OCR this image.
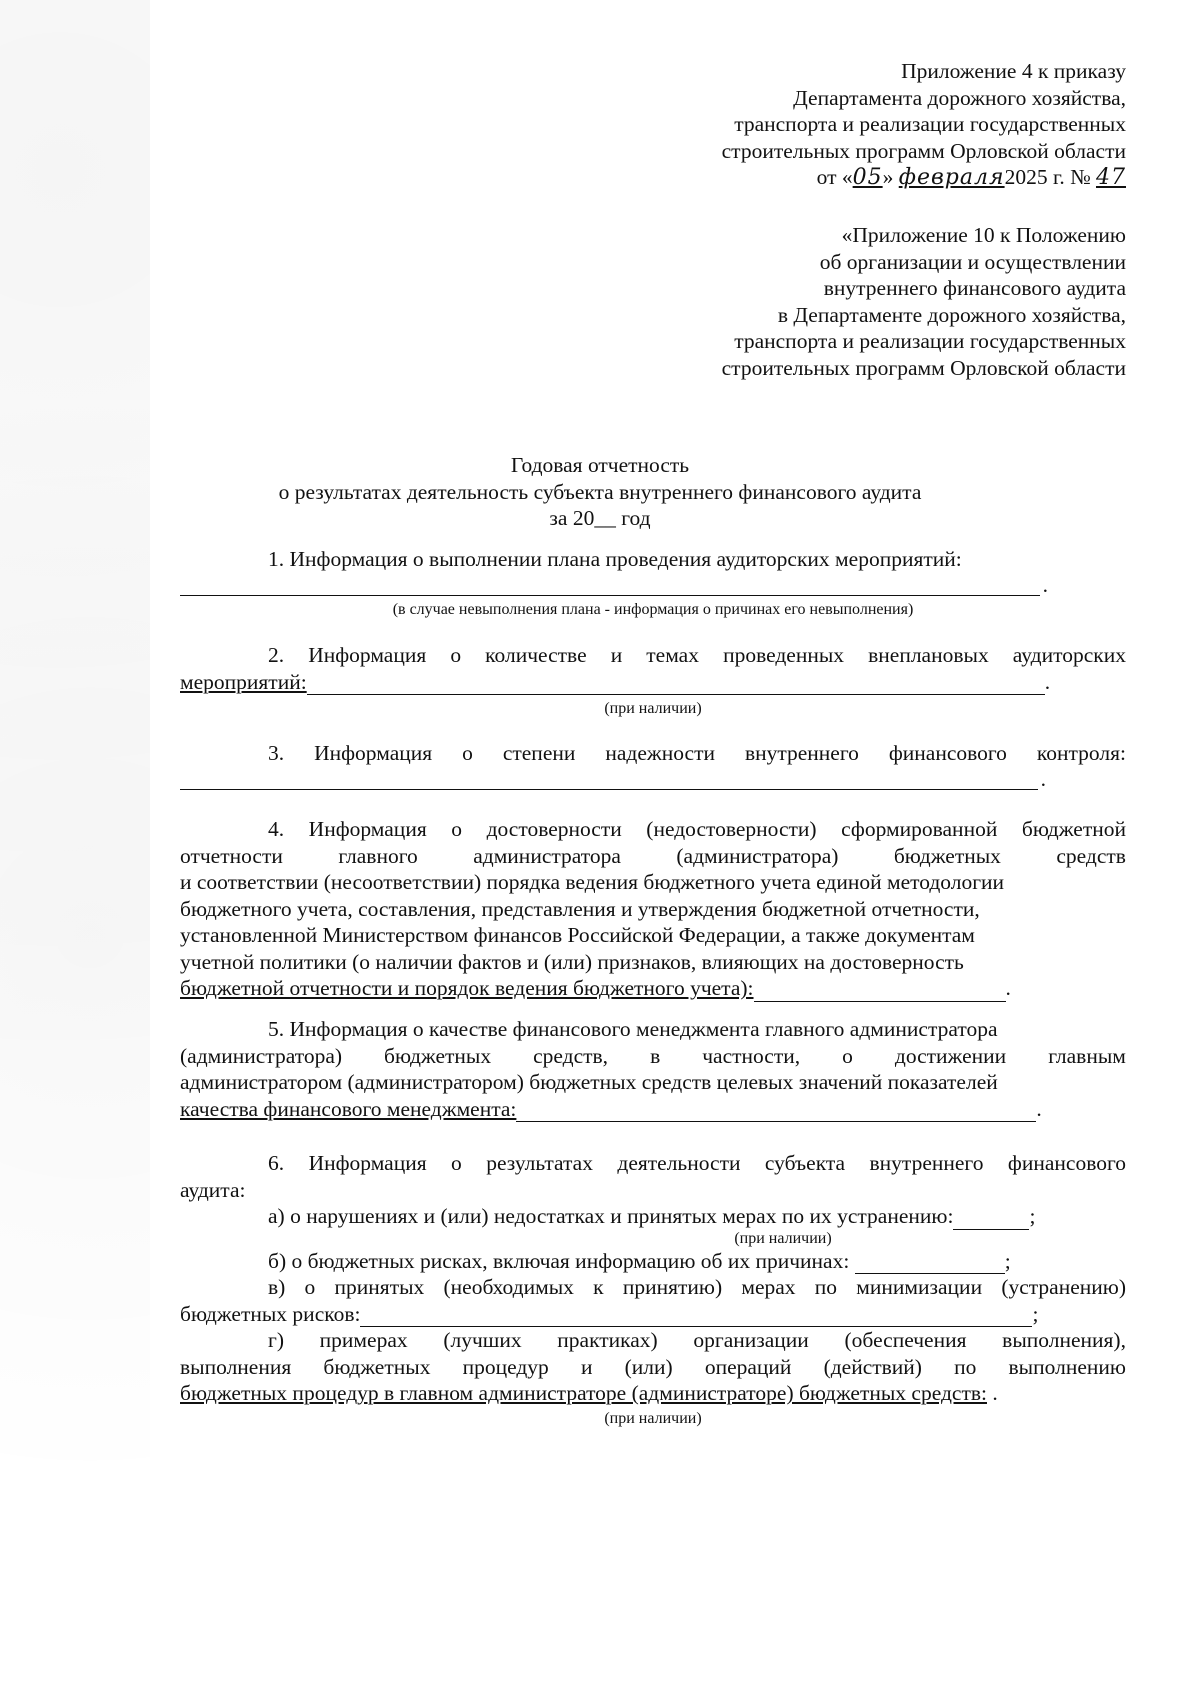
Приложение 4 к приказу
Департамента дорожного хозяйства,
транспорта и реализации государственных
строительных программ Орловской области
от «05» февраля2025 г. № 47
«Приложение 10 к Положению
об организации и осуществлении
внутреннего финансового аудита
в Департаменте дорожного хозяйства,
транспорта и реализации государственных
строительных программ Орловской области
Годовая отчетность
о результатах деятельность субъекта внутреннего финансового аудита
за 20__ год
1. Информация о выполнении плана проведения аудиторских мероприятий:
.
(в случае невыполнения плана - информация о причинах его невыполнения)
2. Информация о количестве и темах проведенных внеплановых аудиторских
мероприятий:	.
(при наличии)
3. Информация о степени надежности внутреннего финансового контроля:
.
4. Информация о достоверности (недостоверности) сформированной бюджетной
отчетности	главного	администратора	(администратора)	бюджетных	средств
и соответствии (несоответствии) порядка ведения бюджетного учета единой методологии
бюджетного учета, составления, представления и утверждения бюджетной отчетности,
установленной Министерством финансов Российской Федерации, а также документам
учетной политики (о наличии фактов и (или) признаков, влияющих на достоверность
бюджетной отчетности и порядок ведения бюджетного учета):	.
5. Информация о качестве финансового менеджмента главного администратора
(администратора) бюджетных средств, в частности, о достижении главным
администратором (администратором) бюджетных средств целевых значений показателей
качества финансового менеджмента:	.
6. Информация о результатах деятельности субъекта внутреннего финансового
аудита:
а) о нарушениях и (или) недостатках и принятых мерах по их устранению:	;
(при наличии)
б) о бюджетных рисках, включая информацию об их причинах:	;
в) о принятых (необходимых к принятию) мерах по минимизации (устранению)
бюджетных рисков:	;
г) примерах (лучших практиках) организации (обеспечения выполнения),
выполнения бюджетных процедур и (или) операций (действий) по выполнению
бюджетных процедур в главном администраторе (администраторе) бюджетных средств: .
(при наличии)
